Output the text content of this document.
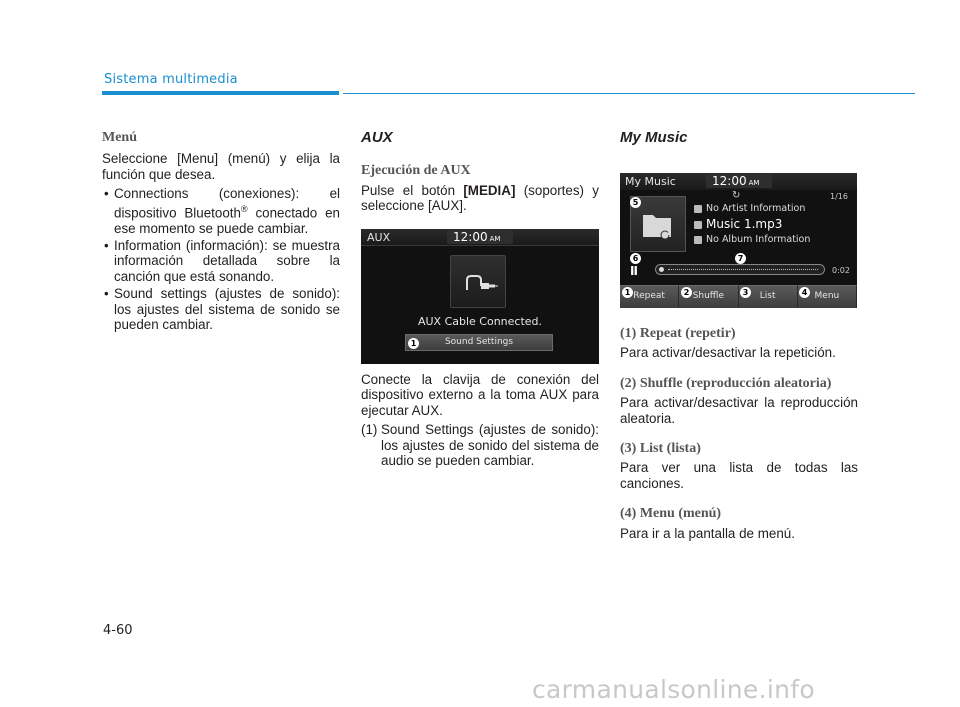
Sistema multimedia
Menú

Seleccione [Menu] (menú) y elija la función que desea.

• Connections (conexiones): el dispositivo Bluetooth® conectado en ese momento se puede cambiar.
• Information (información): se muestra información detallada sobre la canción que está sonando.
• Sound settings (ajustes de sonido): los ajustes del sistema de sonido se pueden cambiar.
AUX
Ejecución de AUX

Pulse el botón [MEDIA] (soportes) y seleccione [AUX].

AUX	12:00 AM
AUX Cable Connected.
Sound Settings
1

Conecte la clavija de conexión del dispositivo externo a la toma AUX para ejecutar AUX.

(1) Sound Settings (ajustes de sonido): los ajustes de sonido del sistema de audio se pueden cambiar.
My Music
My Music	12:00 AM
↻	1/16
No Artist Information
Music 1.mp3
No Album Information
II	0:02
Repeat	Shuffle	List	Menu
1	2	3	4
5
6	7
(1) Repeat (repetir)

Para activar/desactivar la repetición.

(2) Shuffle (reproducción aleatoria)

Para activar/desactivar la reproducción aleatoria.

(3) List (lista)

Para ver una lista de todas las canciones.

(4) Menu (menú)

Para ir a la pantalla de menú.

4-60
carmanualsonline.info
